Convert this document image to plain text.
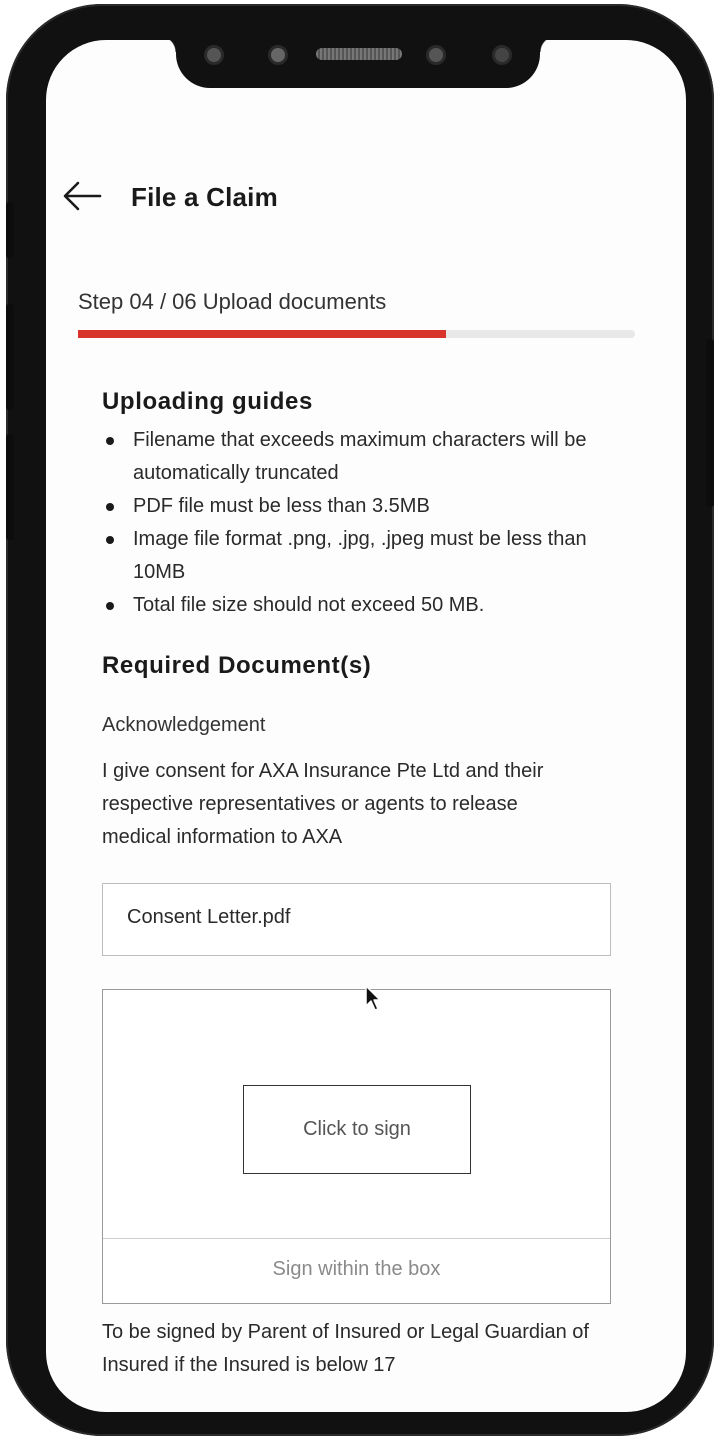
File a Claim
Step 04 / 06 Upload documents
Uploading guides
Filename that exceeds maximum characters will be automatically truncated
PDF file must be less than 3.5MB
Image file format .png, .jpg, .jpeg must be less than 10MB
Total file size should not exceed 50 MB.
Required Document(s)
Acknowledgement
I give consent for AXA Insurance Pte Ltd and their respective representatives or agents to release medical information to AXA
Consent Letter.pdf
Click to sign
Sign within the box
To be signed by Parent of Insured or Legal Guardian of Insured if the Insured is below 17
